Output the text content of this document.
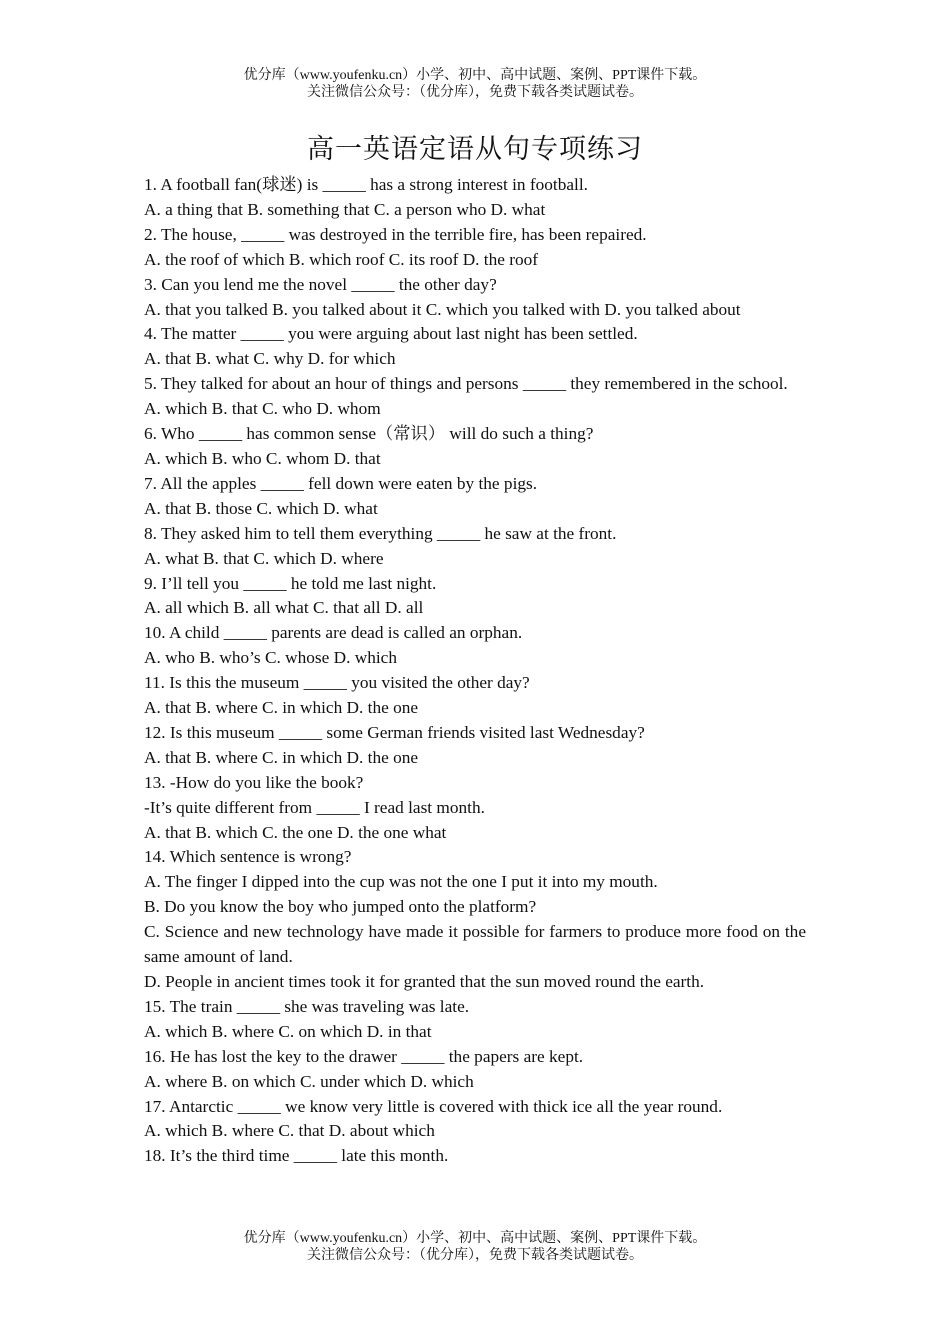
优分库（www.youfenku.cn）小学、初中、高中试题、案例、PPT课件下载。
关注微信公众号：（优分库），免费下载各类试题试卷。
高一英语定语从句专项练习

1. A football fan(球迷) is _____ has a strong interest in football.

A. a thing that B. something that C. a person who D. what

2. The house, _____ was destroyed in the terrible fire, has been repaired.

A. the roof of which B. which roof C. its roof D. the roof

3. Can you lend me the novel _____ the other day?

A. that you talked B. you talked about it C. which you talked with D. you talked about

4. The matter _____ you were arguing about last night has been settled.

A. that B. what C. why D. for which

5. They talked for about an hour of things and persons _____ they remembered in the school.

A. which B. that C. who D. whom

6. Who _____ has common sense（常识） will do such a thing?

A. which B. who C. whom D. that

7. All the apples _____ fell down were eaten by the pigs.

A. that B. those C. which D. what

8. They asked him to tell them everything _____ he saw at the front.

A. what B. that C. which D. where

9. I’ll tell you _____ he told me last night.

A. all which B. all what C. that all D. all

10. A child _____ parents are dead is called an orphan.

A. who B. who’s C. whose D. which

11. Is this the museum _____ you visited the other day?

A. that B. where C. in which D. the one

12. Is this museum _____ some German friends visited last Wednesday?

A. that B. where C. in which D. the one

13. -How do you like the book?

-It’s quite different from _____ I read last month.

A. that B. which C. the one D. the one what

14. Which sentence is wrong?

A. The finger I dipped into the cup was not the one I put it into my mouth.

B. Do you know the boy who jumped onto the platform?

C. Science and new technology have made it possible for farmers to produce more food on the same amount of land.

D. People in ancient times took it for granted that the sun moved round the earth.

15. The train _____ she was traveling was late.

A. which B. where C. on which D. in that

16. He has lost the key to the drawer _____ the papers are kept.

A. where B. on which C. under which D. which

17. Antarctic _____ we know very little is covered with thick ice all the year round.

A. which B. where C. that D. about which

18. It’s the third time _____ late this month.

优分库（www.youfenku.cn）小学、初中、高中试题、案例、PPT课件下载。
关注微信公众号：（优分库），免费下载各类试题试卷。
